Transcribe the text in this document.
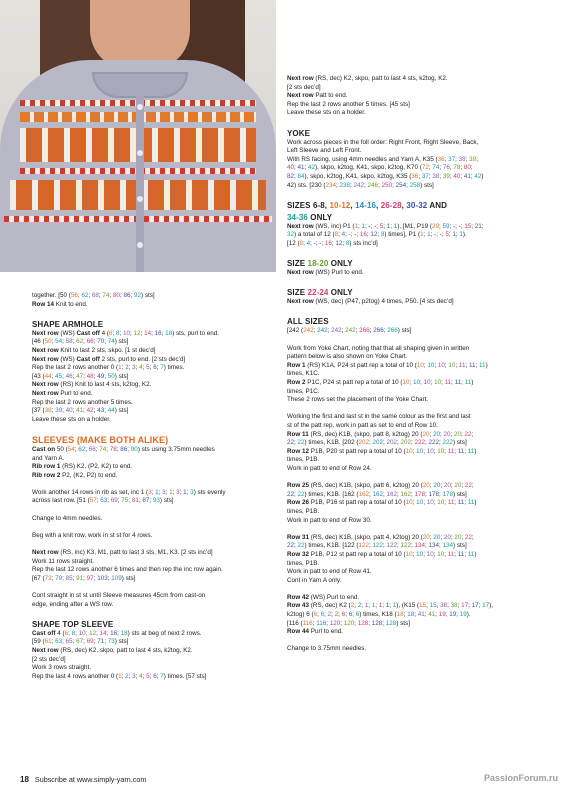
together. [50 (56; 62; 68; 74; 80; 86; 92) sts]

Row 14 Knit to end.

SHAPE ARMHOLE

Next row (WS) Cast off 4 (6; 8; 10; 12; 14; 16; 18) sts, purl to end.

[46 (50; 54; 58; 62; 66; 70; 74) sts]

Next row Knit to last 2 sts, skpo. [1 st dec’d]

Next row (WS) Cast off 2 sts, purl to end. [2 sts dec’d]

Rep the last 2 rows another 0 (1; 2; 3; 4; 5; 6; 7) times.

[43 (44; 45; 46; 47; 48; 49; 50) sts]

Next row (RS) Knit to last 4 sts, k2tog, K2.

Next row Purl to end.

Rep the last 2 rows another 5 times.

[37 (38; 39; 40; 41; 42; 43; 44) sts]

Leave these sts on a holder.

SLEEVES (MAKE BOTH ALIKE)

Cast on 50 (54; 62; 66; 74; 78; 86; 90) sts using 3.75mm needles

and Yarn A.

Rib row 1 (RS) K2, (P2, K2) to end.

Rib row 2 P2, (K2, P2) to end.

Work another 14 rows in rib as set, inc 1 (3; 1; 3; 1; 3; 1; 3) sts evenly

across last row. [51 (57; 63; 69; 75; 81; 87; 93) sts]

Change to 4mm needles.

Beg with a knit row, work in st st for 4 rows.

Next row (RS, inc) K3, M1, patt to last 3 sts, M1, K3. [2 sts inc’d]

Work 11 rows straight.

Rep the last 12 rows another 6 times and then rep the inc row again.

[67 (73; 79; 85; 91; 97; 103; 109) sts]

Cont straight in st st until Sleeve measures 45cm from cast-on

edge, ending after a WS row.

SHAPE TOP SLEEVE

Cast off 4 (6; 8; 10; 12; 14; 16; 18) sts at beg of next 2 rows.

[59 (61; 63; 65; 67; 69; 71; 73) sts]

Next row (RS, dec) K2, skpo, patt to last 4 sts, k2tog, K2.

[2 sts dec’d]

Work 3 rows straight.

Rep the last 4 rows another 0 (1; 2; 3; 4; 5; 6; 7) times. [57 sts]

Next row (RS, dec) K2, skpo, patt to last 4 sts, k2tog, K2.

[2 sts dec’d]

Next row Patt to end.

Rep the last 2 rows another 5 times. [45 sts]

Leave these sts on a holder.

YOKE

Work across pieces in the foll order: Right Front, Right Sleeve, Back,

Left Sleeve and Left Front.

With RS facing, using 4mm needles and Yarn A, K35 (36; 37; 38; 39;

40; 41; 42), skpo, k2tog, K41, skpo, k2tog, K70 (72; 74; 76; 78; 80;

82; 84), skpo, k2tog, K41, skpo, k2tog, K35 (36; 37; 38; 39; 40; 41; 42)

42) sts. [230 (234; 238; 242; 246; 250; 254; 258) sts]

SIZES 6-8, 10-12, 14-16, 26-28, 30-32 AND
34-36 ONLY

Next row (WS, inc) P1 (1; 1; -; -; 5; 1; 1), [M1, P19 (29; 59; -; -; 15; 21;

32) a total of 12 (8; 4; -; -; 16; 12; 8) times], P1 (1; 1; -; -; 5; 1; 1).

[12 (8; 4; -; -; 16; 12; 8) sts inc’d]

SIZE 18-20 ONLY

Next row (WS) Purl to end.

SIZE 22-24 ONLY

Next row (WS, dec) (P47, p2tog) 4 times, P50. [4 sts dec’d]

ALL SIZES

[242 (242; 242; 242; 242; 266; 266; 266) sts]

Work from Yoke Chart, noting that that all shaping given in written

pattern below is also shown on Yoke Chart.

Row 1 (RS) K1A, P24 st patt rep a total of 10 (10; 10; 10; 10; 11; 11; 11)

times, K1C.

Row 2 P1C, P24 st patt rep a total of 10 (10; 10; 10; 10; 11; 11; 11)

times, P1C.

These 2 rows set the placement of the Yoke Chart.

Working the first and last st in the same colour as the first and last

st of the patt rep, work in patt as set to end of Row 10.

Row 11 (RS, dec) K1B, (skpo, patt 8, k2tog) 20 (20; 20; 20; 20; 22;

22; 22) times, K1B. [202 (202; 202; 202; 202; 222; 222; 222) sts]

Row 12 P1B, P20 st patt rep a total of 10 (10; 10; 10; 10; 11; 11; 11)

times, P1B.

Work in patt to end of Row 24.

Row 25 (RS, dec) K1B, (skpo, patt 6, k2tog) 20 (20; 20; 20; 20; 22;

22; 22) times, K1B. [162 (162; 162; 162; 162; 178; 178; 178) sts]

Row 26 P1B, P16 st patt rep a total of 10 (10; 10; 10; 10; 11; 11; 11)

times, P1B.

Work in patt to end of Row 30.

Row 31 (RS, dec) K1B, (skpo, patt 4, k2tog) 20 (20; 20; 20; 20; 22;

22; 22) times, K1B. [122 (122; 122; 122; 122; 134; 134; 134) sts]

Row 32 P1B, P12 st patt rep a total of 10 (10; 10; 10; 10; 11; 11; 11)

times, P1B.

Work in patt to end of Row 41.

Cont in Yarn A only.

Row 42 (WS) Purl to end.

Row 43 (RS, dec) K2 (2; 2; 1; 1; 1; 1; 1), (K15 (15; 15; 38; 38; 17; 17; 17),

k2tog) 6 (6; 6; 2; 2; 6; 6; 6) times, K18 (18; 18; 41; 41; 19; 19; 19).

[116 (116; 116; 120; 120; 128; 128; 128) sts]

Row 44 Purl to end.

Change to 3.75mm needles.

18 Subscribe at www.simply-yarn.com	PassionForum.ru
